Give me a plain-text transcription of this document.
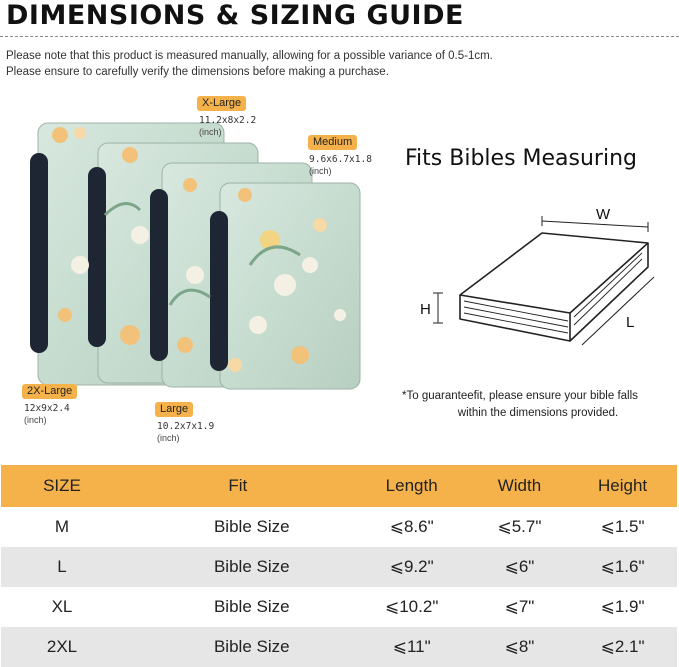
DIMENSIONS & SIZING GUIDE
Please note that this product is measured manually, allowing for a possible variance of 0.5-1cm.
Please ensure to carefully verify the dimensions before making a purchase.
X-Large
11.2x8x2.2
(inch)
Medium
9.6x6.7x1.8
(inch)
2X-Large
12x9x2.4
(inch)
Large
10.2x7x1.9
(inch)
Fits Bibles Measuring
W
H
L
*To guaranteefit, please ensure your bible falls
within the dimensions provided.
SIZE	Fit	Length	Width	Height
M	Bible Size	⩽8.6"	⩽5.7"	⩽1.5"
L	Bible Size	⩽9.2"	⩽6"	⩽1.6"
XL	Bible Size	⩽10.2"	⩽7"	⩽1.9"
2XL	Bible Size	⩽11"	⩽8"	⩽2.1"
